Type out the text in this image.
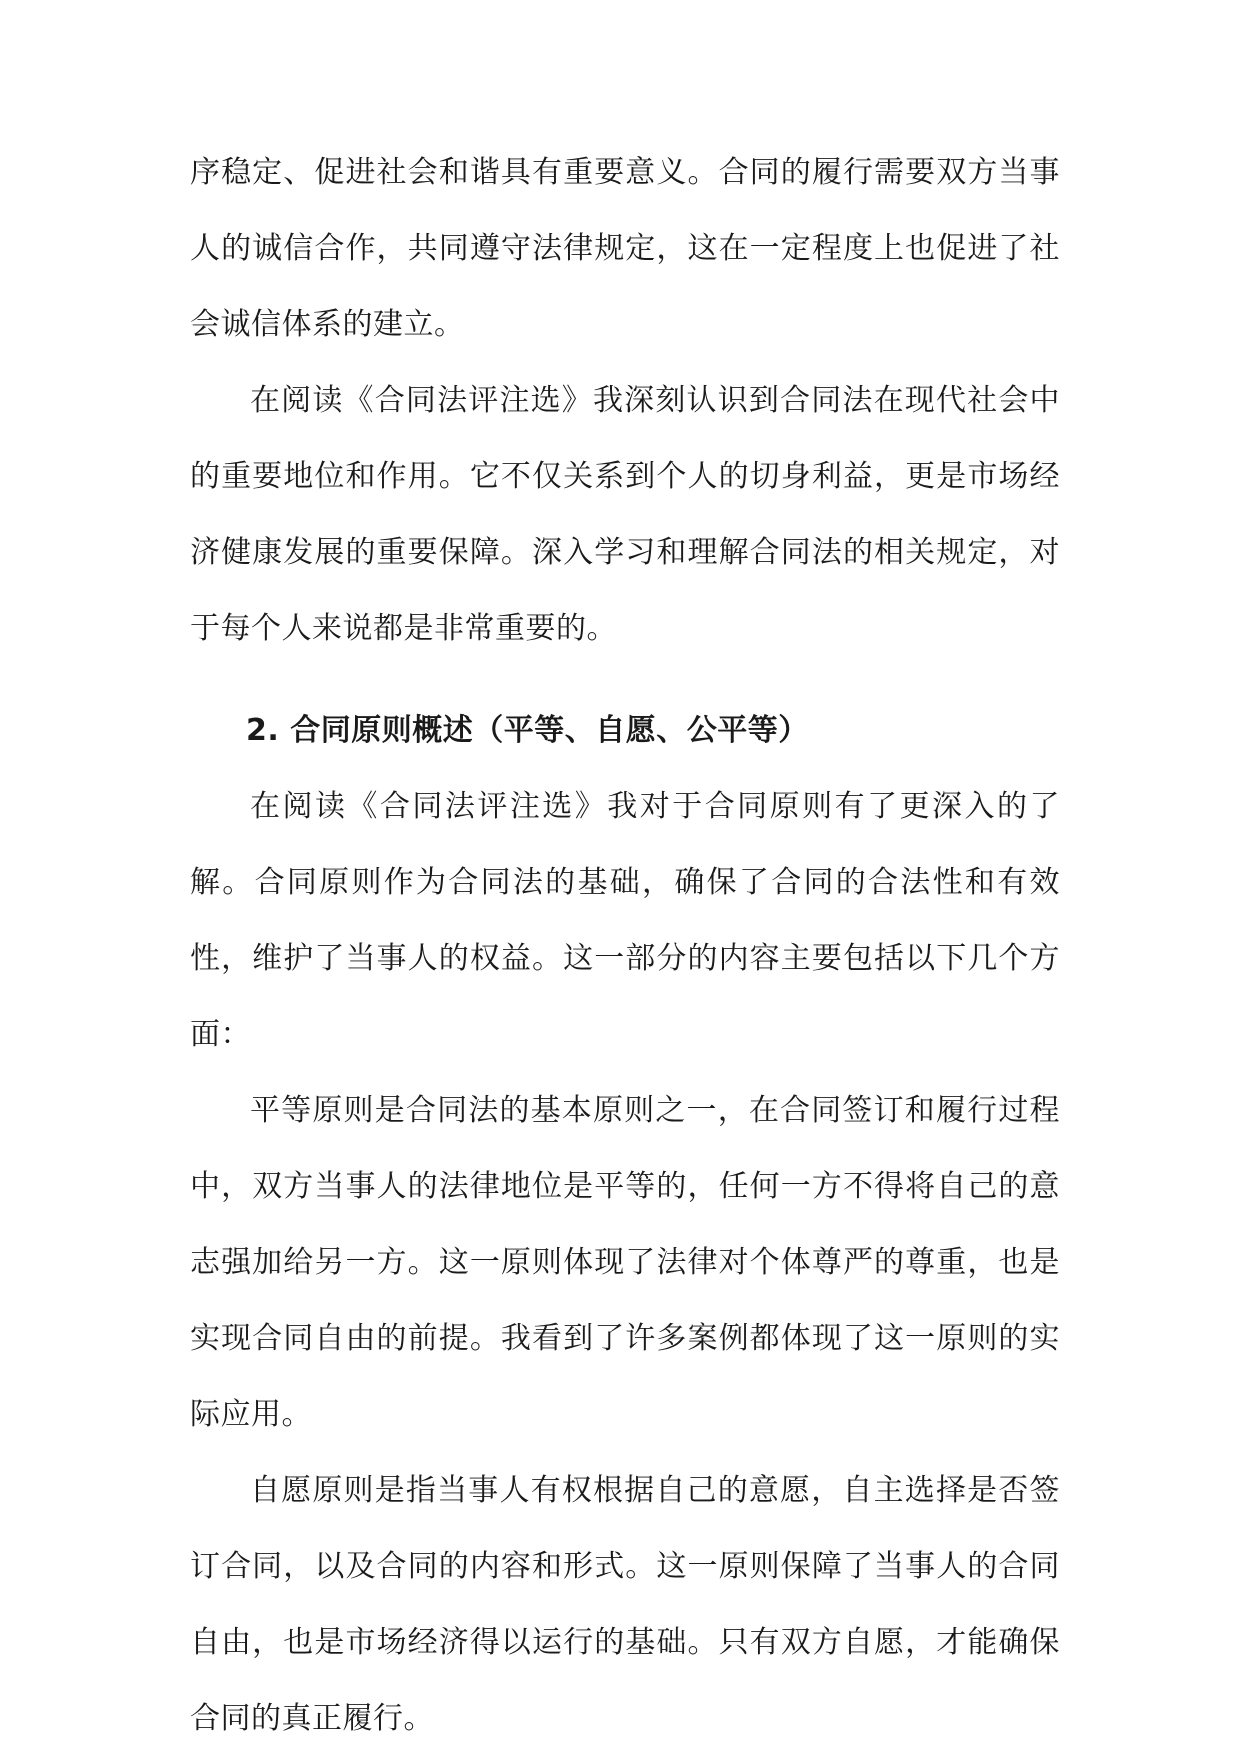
序稳定、促进社会和谐具有重要意义。合同的履行需要双方当事人的诚信合作，共同遵守法律规定，这在一定程度上也促进了社会诚信体系的建立。

在阅读《合同法评注选》我深刻认识到合同法在现代社会中的重要地位和作用。它不仅关系到个人的切身利益，更是市场经济健康发展的重要保障。深入学习和理解合同法的相关规定，对于每个人来说都是非常重要的。

2. 合同原则概述（平等、自愿、公平等）

在阅读《合同法评注选》我对于合同原则有了更深入的了解。合同原则作为合同法的基础，确保了合同的合法性和有效性，维护了当事人的权益。这一部分的内容主要包括以下几个方面：

平等原则是合同法的基本原则之一，在合同签订和履行过程中，双方当事人的法律地位是平等的，任何一方不得将自己的意志强加给另一方。这一原则体现了法律对个体尊严的尊重，也是实现合同自由的前提。我看到了许多案例都体现了这一原则的实际应用。

自愿原则是指当事人有权根据自己的意愿，自主选择是否签订合同，以及合同的内容和形式。这一原则保障了当事人的合同自由，也是市场经济得以运行的基础。只有双方自愿，才能确保合同的真正履行。
